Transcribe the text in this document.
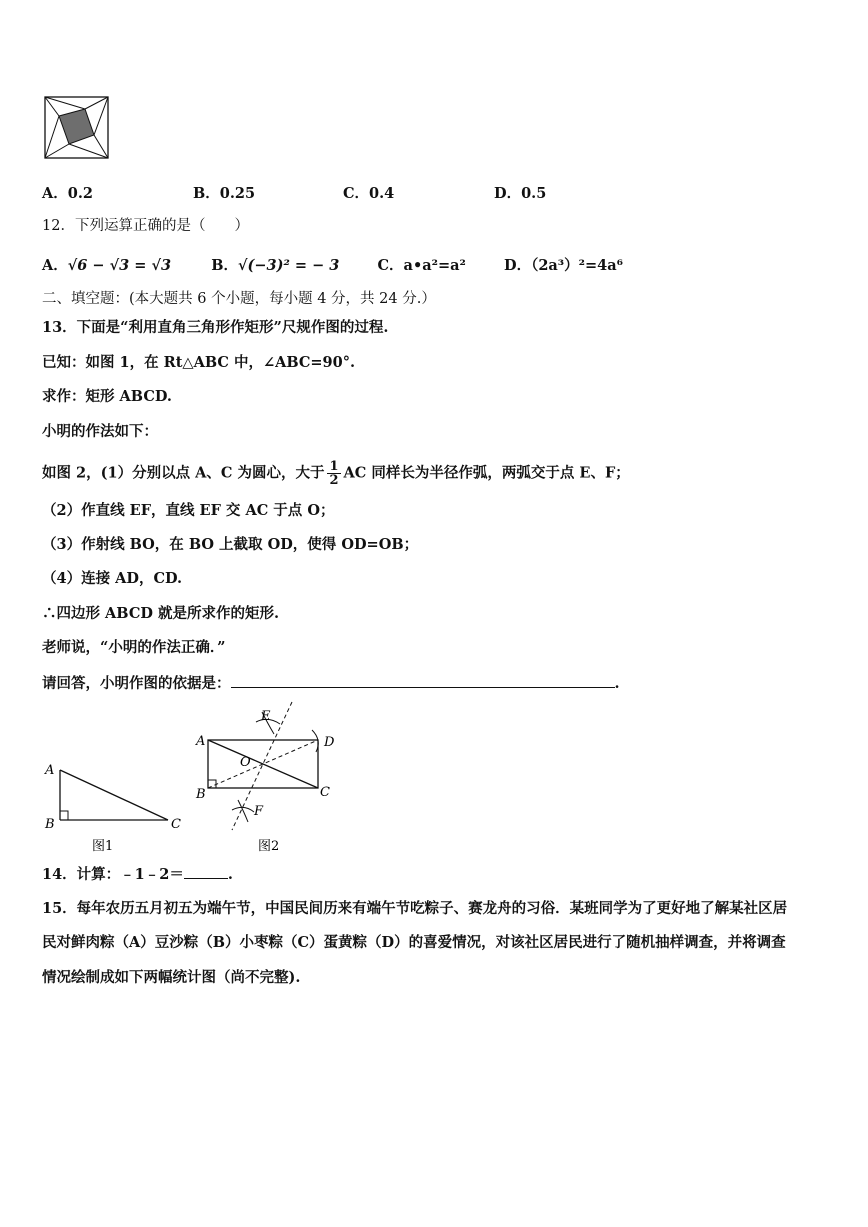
A．0.2	B．0.25	C．0.4	D．0.5
12．下列运算正确的是（　　）
A．√6 − √3 = √3	B．√(−3)² = − 3	C．a•a²=a²	D．（2a³）²=4a⁶
二、填空题：(本大题共 6 个小题，每小题 4 分，共 24 分.）
13．下面是“利用直角三角形作矩形”尺规作图的过程.
已知：如图 1，在 Rt△ABC 中，∠ABC=90°.
求作：矩形 ABCD.
小明的作法如下：
如图 2，(1）分别以点 A、C 为圆心，大于 $\frac{1}{2}$ AC 同样长为半径作弧，两弧交于点 E、F；
（2）作直线 EF，直线 EF 交 AC 于点 O；
（3）作射线 BO，在 BO 上截取 OD，使得 OD=OB；
（4）连接 AD，CD.
∴四边形 ABCD 就是所求作的矩形.
老师说，“小明的作法正确．”
请回答，小明作图的依据是：	.
A
B	C
图1
A
B	C
D
E
F
O
图2
14．计算：﹣1﹣2＝	.
15．每年农历五月初五为端午节，中国民间历来有端午节吃粽子、赛龙舟的习俗．某班同学为了更好地了解某社区居
民对鲜肉粽（A）豆沙粽（B）小枣粽（C）蛋黄粽（D）的喜爱情况，对该社区居民进行了随机抽样调查，并将调查
情况绘制成如下两幅统计图（尚不完整).
